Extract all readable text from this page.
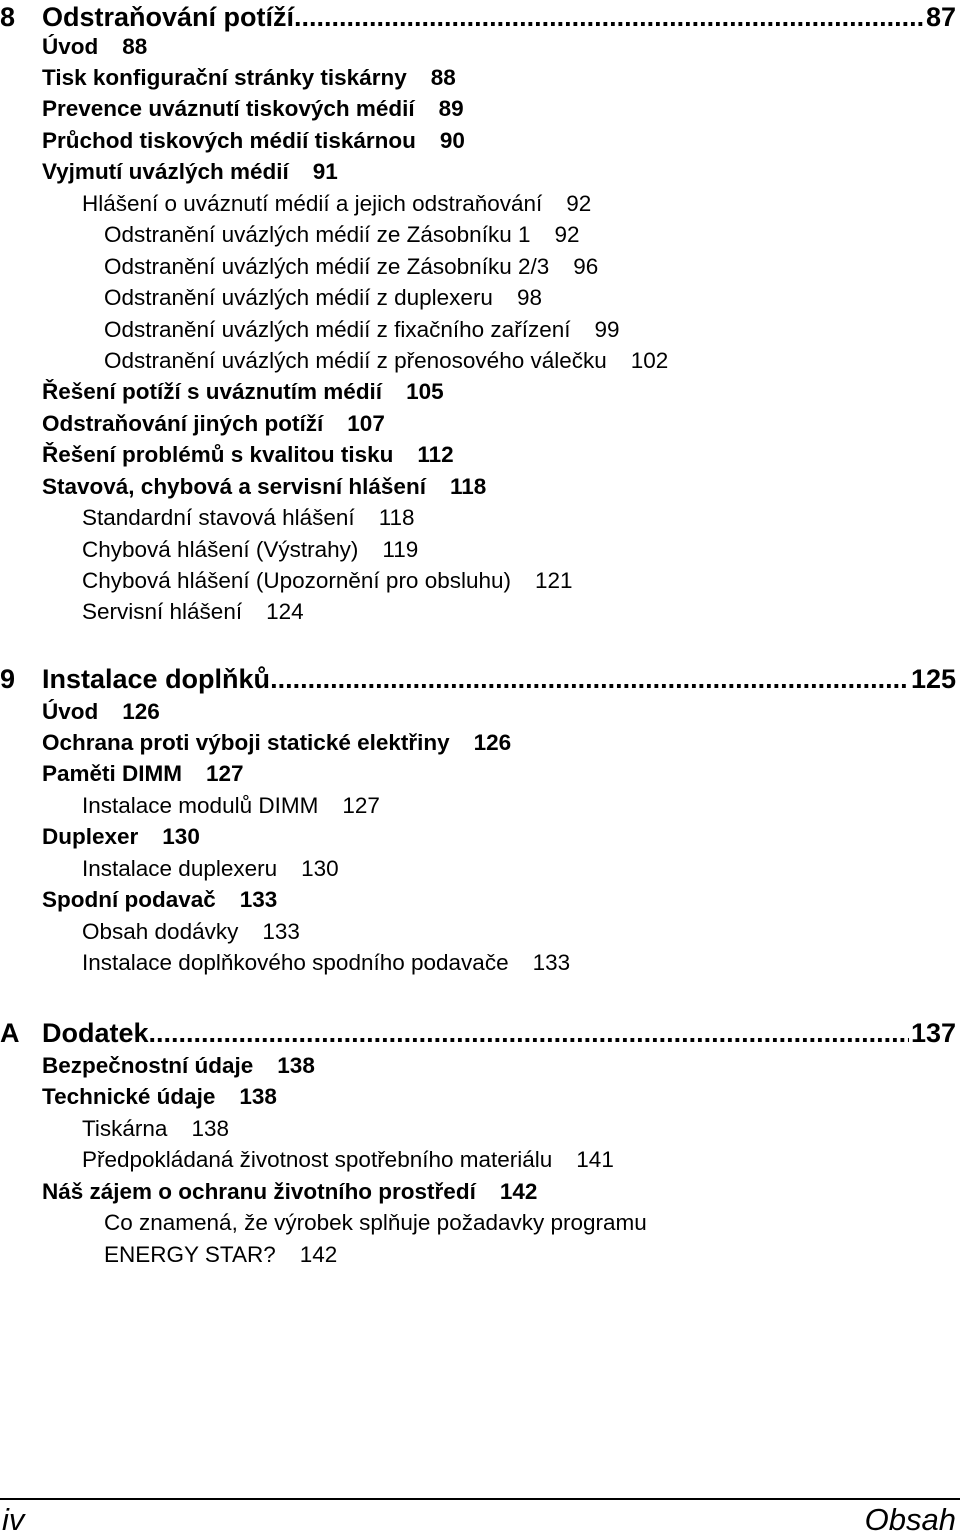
8 Odstraňování potíží .....	87
Úvod 88
Tisk konfigurační stránky tiskárny 88
Prevence uváznutí tiskových médií 89
Průchod tiskových médií tiskárnou 90
Vyjmutí uvázlých médií 91
Hlášení o uváznutí médií a jejich odstraňování 92
Odstranění uvázlých médií ze Zásobníku 1 92
Odstranění uvázlých médií ze Zásobníku 2/3 96
Odstranění uvázlých médií z duplexeru 98
Odstranění uvázlých médií z fixačního zařízení 99
Odstranění uvázlých médií z přenosového válečku 102
Řešení potíží s uváznutím médií 105
Odstraňování jiných potíží 107
Řešení problémů s kvalitou tisku 112
Stavová, chybová a servisní hlášení 118
Standardní stavová hlášení 118
Chybová hlášení (Výstrahy) 119
Chybová hlášení (Upozornění pro obsluhu) 121
Servisní hlášení 124
9 Instalace doplňků .....	125
Úvod 126
Ochrana proti výboji statické elektřiny 126
Paměti DIMM 127
Instalace modulů DIMM 127
Duplexer 130
Instalace duplexeru 130
Spodní podavač 133
Obsah dodávky 133
Instalace doplňkového spodního podavače 133
A Dodatek .....	137
Bezpečnostní údaje 138
Technické údaje 138
Tiskárna 138
Předpokládaná životnost spotřebního materiálu 141
Náš zájem o ochranu životního prostředí 142
Co znamená, že výrobek splňuje požadavky programu
ENERGY STAR? 142
iv	Obsah
